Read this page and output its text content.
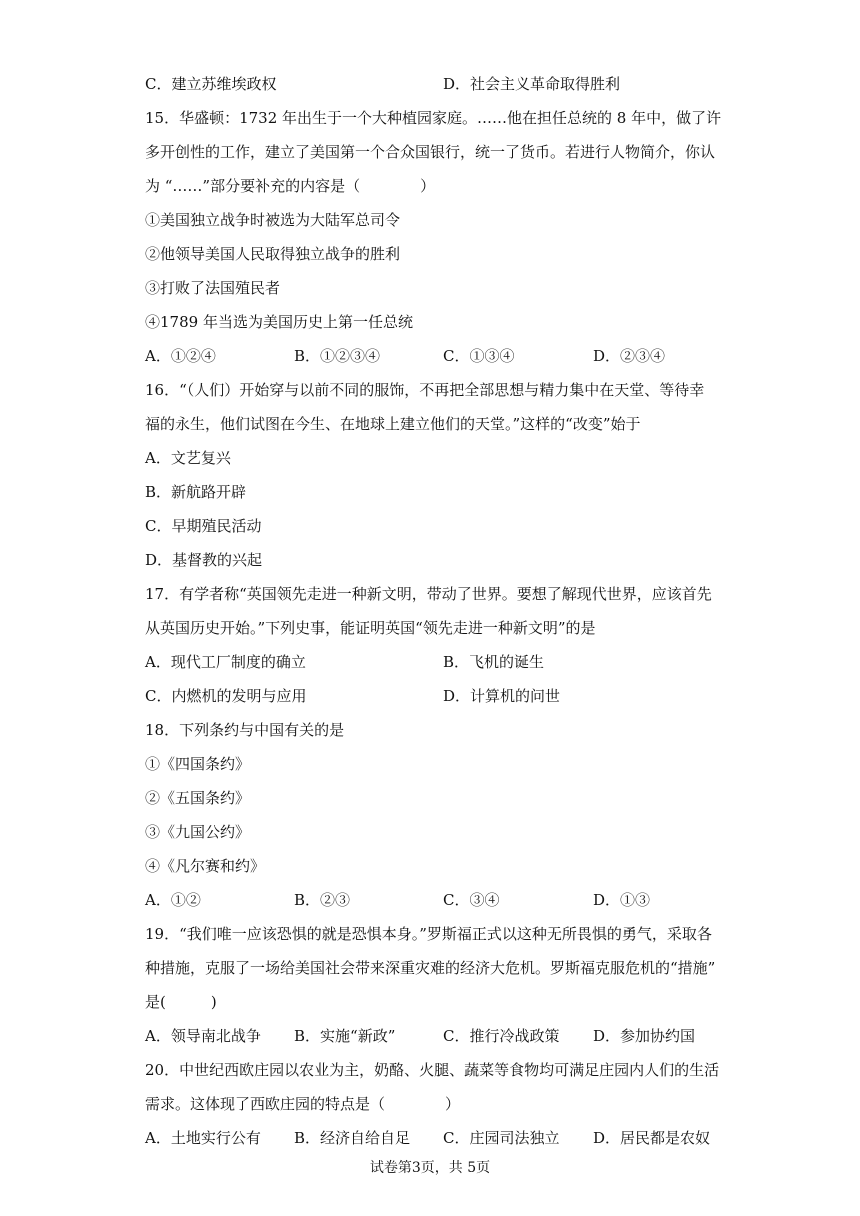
C．建立苏维埃政权	D．社会主义革命取得胜利
15．华盛顿：1732 年出生于一个大种植园家庭。……他在担任总统的 8 年中，做了许
多开创性的工作，建立了美国第一个合众国银行，统一了货币。若进行人物简介，你认
为 “……”部分要补充的内容是（　　　　）
①美国独立战争时被选为大陆军总司令
②他领导美国人民取得独立战争的胜利
③打败了法国殖民者
④1789 年当选为美国历史上第一任总统
A．①②④	B．①②③④	C．①③④	D．②③④
16．“（人们）开始穿与以前不同的服饰，不再把全部思想与精力集中在天堂、等待幸
福的永生，他们试图在今生、在地球上建立他们的天堂。”这样的“改变”始于
A．文艺复兴
B．新航路开辟
C．早期殖民活动
D．基督教的兴起
17．有学者称“英国领先走进一种新文明，带动了世界。要想了解现代世界，应该首先
从英国历史开始。”下列史事，能证明英国“领先走进一种新文明”的是
A．现代工厂制度的确立	B．飞机的诞生
C．内燃机的发明与应用	D．计算机的问世
18．下列条约与中国有关的是
①《四国条约》
②《五国条约》
③《九国公约》
④《凡尔赛和约》
A．①②	B．②③	C．③④	D．①③
19．“我们唯一应该恐惧的就是恐惧本身。”罗斯福正式以这种无所畏惧的勇气，采取各
种措施，克服了一场给美国社会带来深重灾难的经济大危机。罗斯福克服危机的“措施”
是(　　　)
A．领导南北战争 B．实施“新政”	C．推行冷战政策 D．参加协约国
20．中世纪西欧庄园以农业为主，奶酪、火腿、蔬菜等食物均可满足庄园内人们的生活
需求。这体现了西欧庄园的特点是（　　　　）
A．土地实行公有 B．经济自给自足 C．庄园司法独立 D．居民都是农奴
试卷第3页，共 5页
